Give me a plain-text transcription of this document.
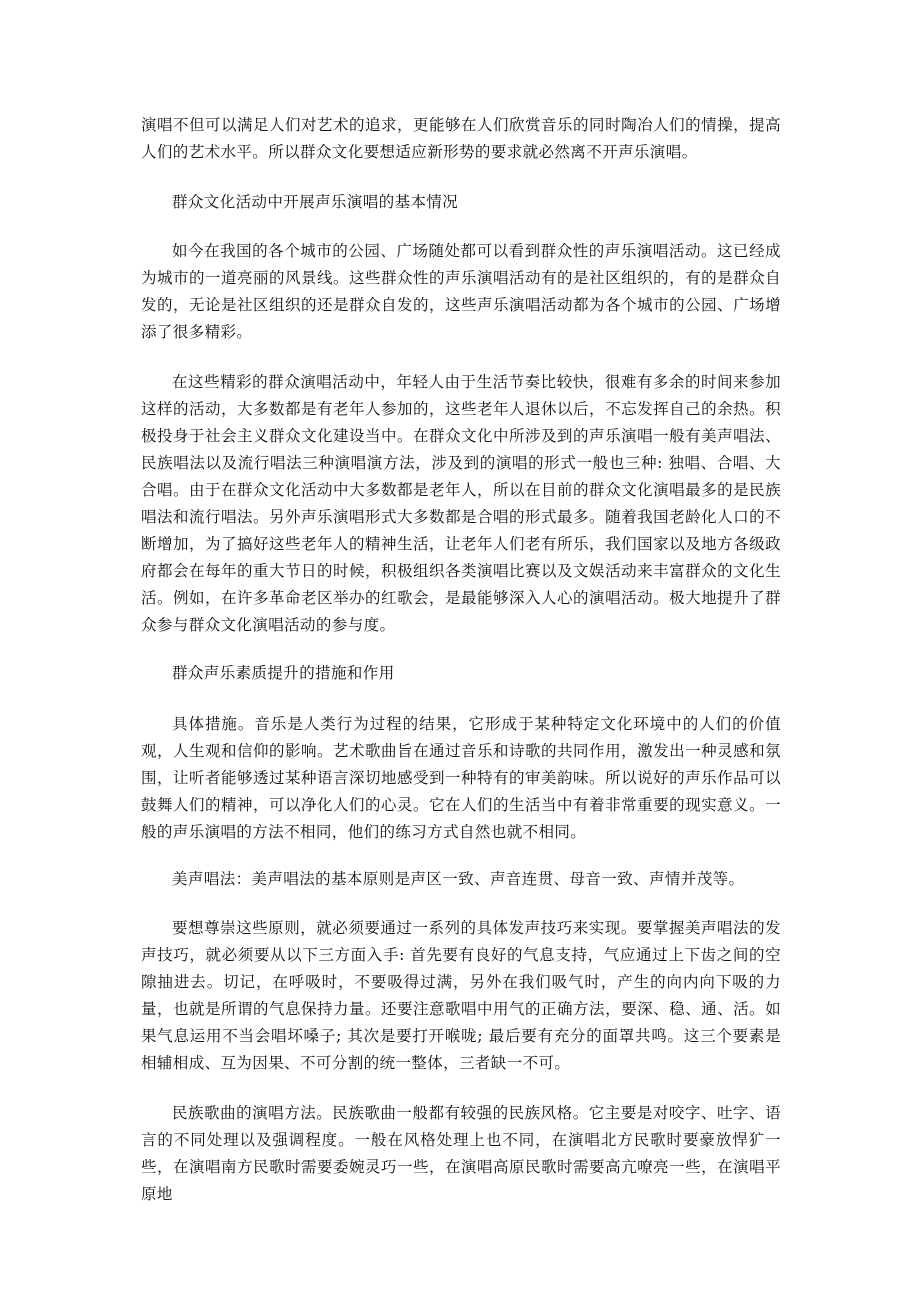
演唱不但可以满足人们对艺术的追求，更能够在人们欣赏音乐的同时陶冶人们的情操，提高人们的艺术水平。所以群众文化要想适应新形势的要求就必然离不开声乐演唱。

群众文化活动中开展声乐演唱的基本情况

如今在我国的各个城市的公园、广场随处都可以看到群众性的声乐演唱活动。这已经成为城市的一道亮丽的风景线。这些群众性的声乐演唱活动有的是社区组织的，有的是群众自发的，无论是社区组织的还是群众自发的，这些声乐演唱活动都为各个城市的公园、广场增添了很多精彩。

在这些精彩的群众演唱活动中，年轻人由于生活节奏比较快，很难有多余的时间来参加这样的活动，大多数都是有老年人参加的，这些老年人退休以后，不忘发挥自己的余热。积极投身于社会主义群众文化建设当中。在群众文化中所涉及到的声乐演唱一般有美声唱法、民族唱法以及流行唱法三种演唱演方法，涉及到的演唱的形式一般也三种: 独唱、合唱、大合唱。由于在群众文化活动中大多数都是老年人，所以在目前的群众文化演唱最多的是民族唱法和流行唱法。另外声乐演唱形式大多数都是合唱的形式最多。随着我国老龄化人口的不断增加，为了搞好这些老年人的精神生活，让老年人们老有所乐，我们国家以及地方各级政府都会在每年的重大节日的时候，积极组织各类演唱比赛以及文娱活动来丰富群众的文化生活。例如，在许多革命老区举办的红歌会，是最能够深入人心的演唱活动。极大地提升了群众参与群众文化演唱活动的参与度。

群众声乐素质提升的措施和作用

具体措施。音乐是人类行为过程的结果，它形成于某种特定文化环境中的人们的价值观，人生观和信仰的影响。艺术歌曲旨在通过音乐和诗歌的共同作用，激发出一种灵感和氛围，让听者能够透过某种语言深切地感受到一种特有的审美韵味。所以说好的声乐作品可以鼓舞人们的精神，可以净化人们的心灵。它在人们的生活当中有着非常重要的现实意义。一般的声乐演唱的方法不相同，他们的练习方式自然也就不相同。

美声唱法：美声唱法的基本原则是声区一致、声音连贯、母音一致、声情并茂等。

要想尊崇这些原则，就必须要通过一系列的具体发声技巧来实现。要掌握美声唱法的发声技巧，就必须要从以下三方面入手: 首先要有良好的气息支持，气应通过上下齿之间的空隙抽进去。切记，在呼吸时，不要吸得过满，另外在我们吸气时，产生的向内向下吸的力量，也就是所谓的气息保持力量。还要注意歌唱中用气的正确方法，要深、稳、通、活。如果气息运用不当会唱坏嗓子; 其次是要打开喉咙; 最后要有充分的面罩共鸣。这三个要素是相辅相成、互为因果、不可分割的统一整体，三者缺一不可。

民族歌曲的演唱方法。民族歌曲一般都有较强的民族风格。它主要是对咬字、吐字、语言的不同处理以及强调程度。一般在风格处理上也不同，在演唱北方民歌时要豪放悍犷一些，在演唱南方民歌时需要委婉灵巧一些，在演唱高原民歌时需要高亢嘹亮一些，在演唱平原地
